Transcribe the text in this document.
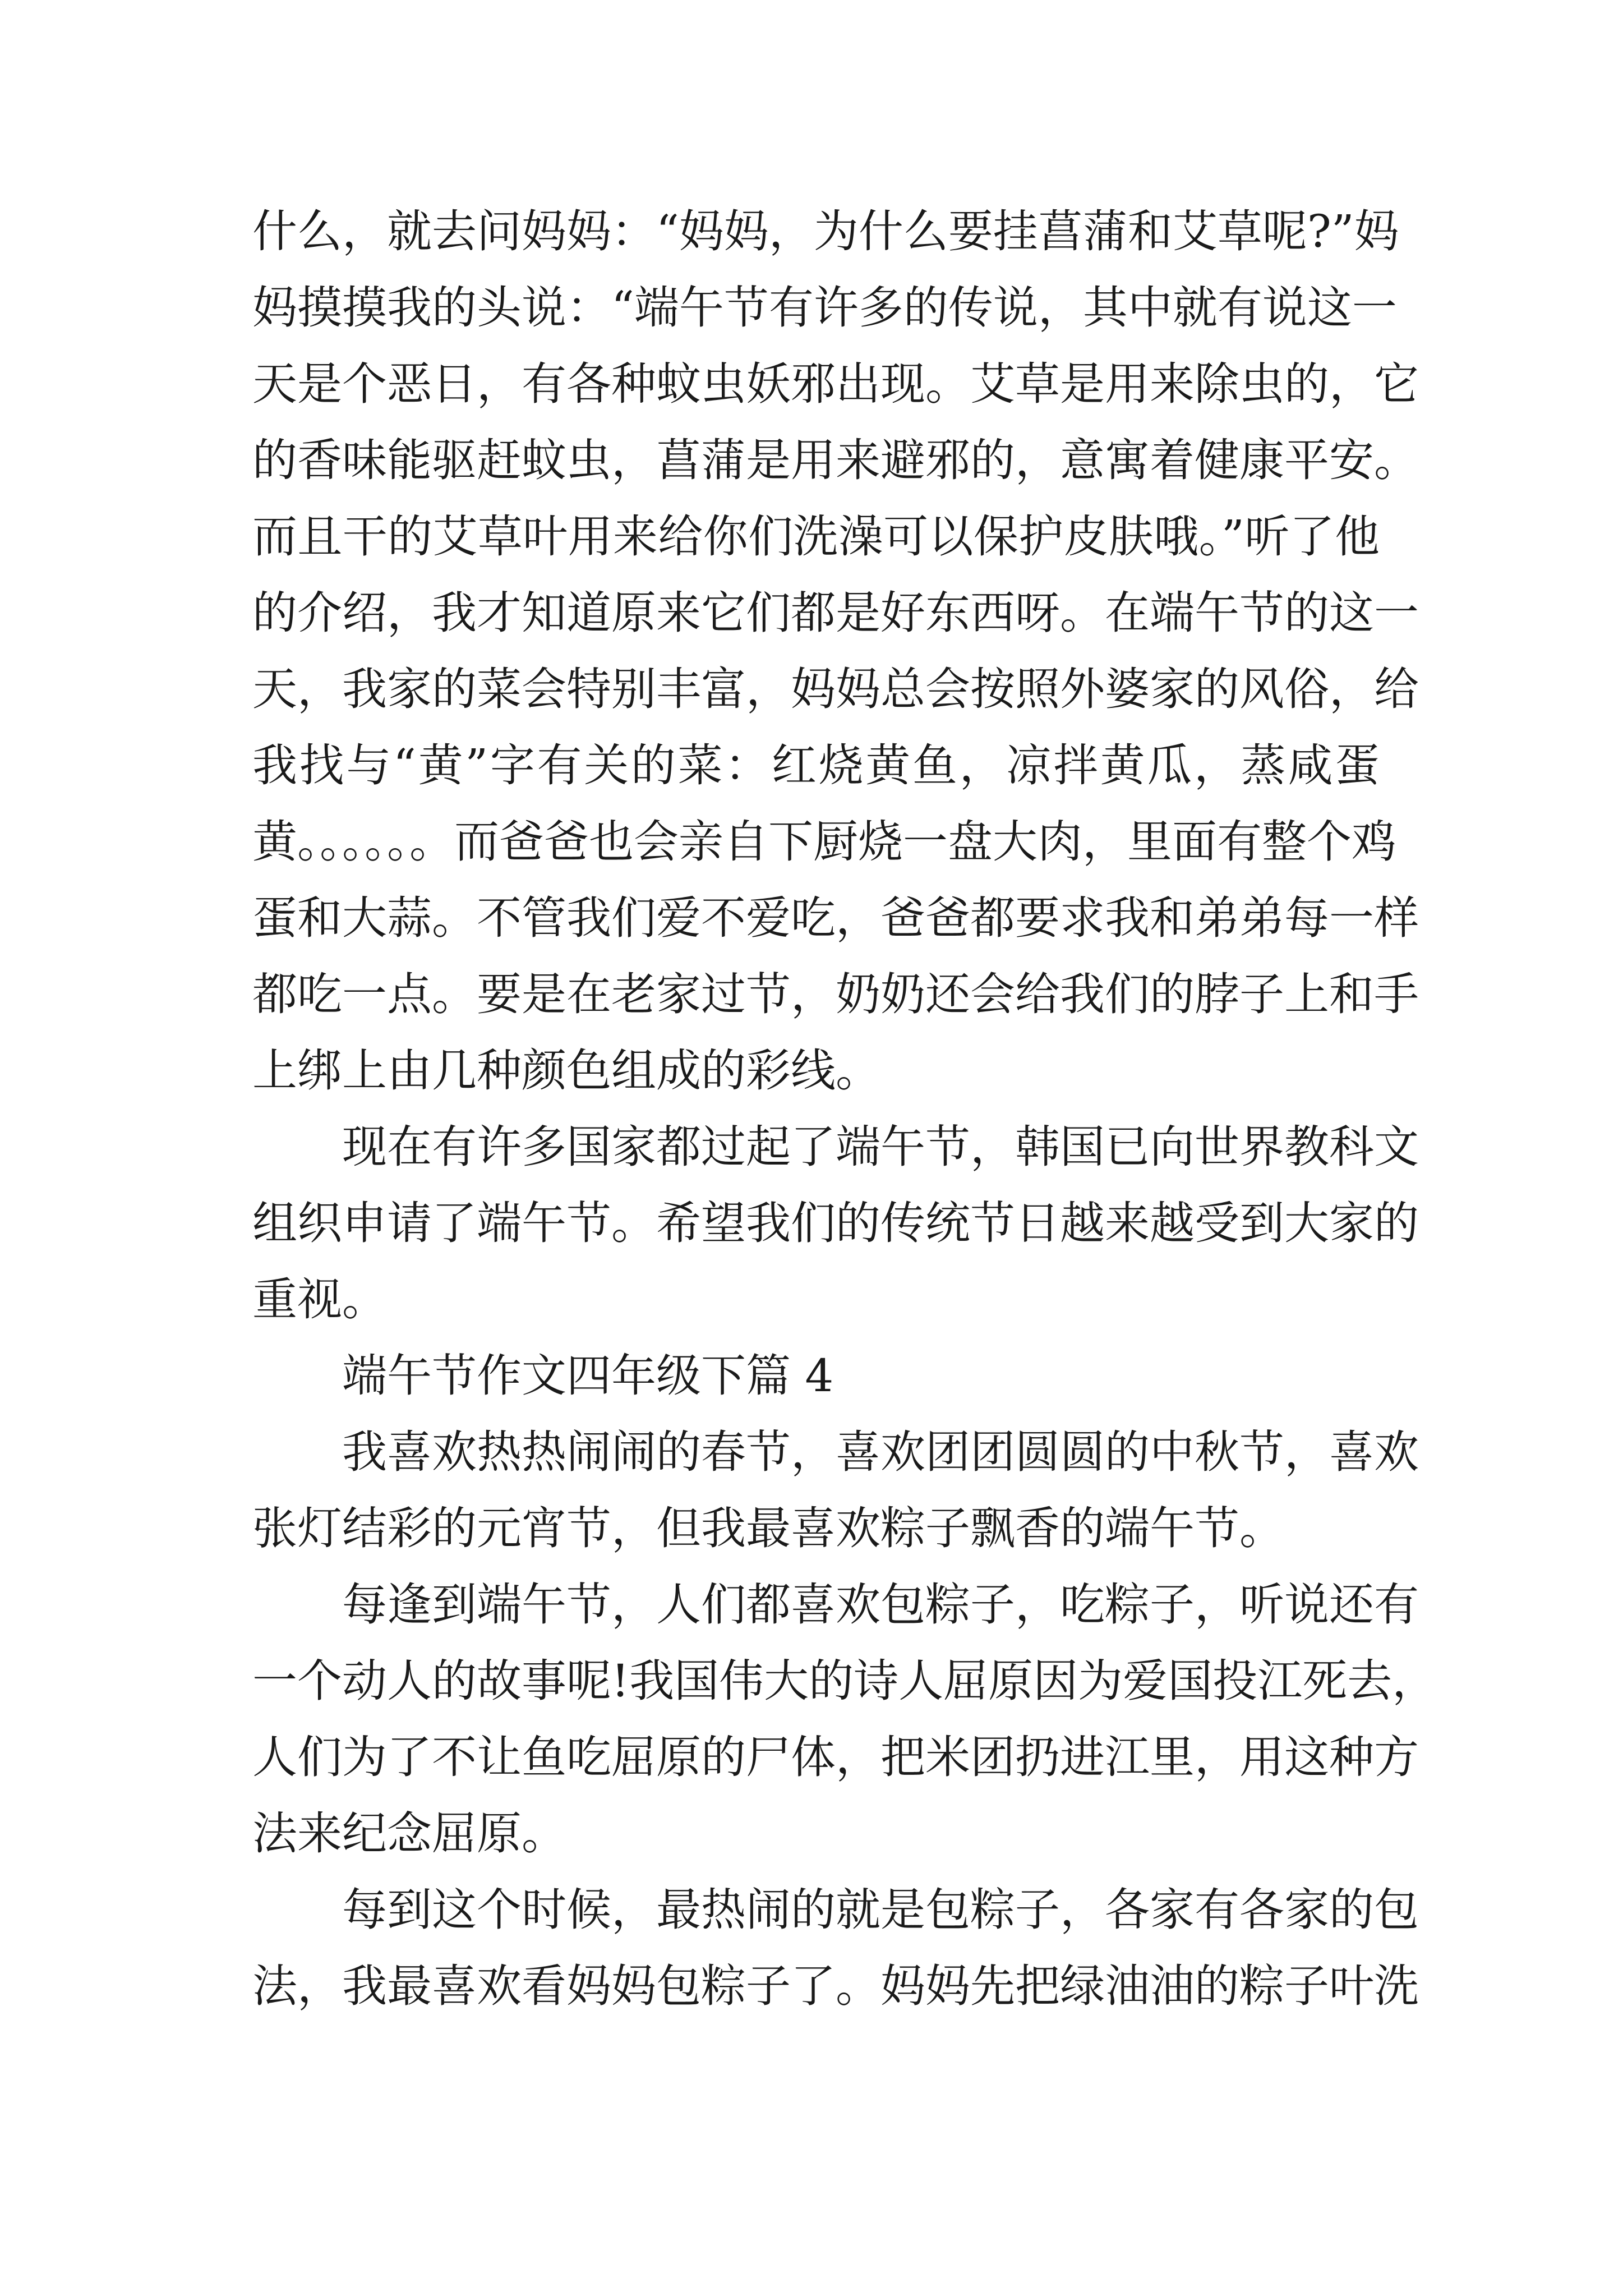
什么，就去问妈妈：“妈妈，为什么要挂菖蒲和艾草呢?”妈
妈摸摸我的头说：“端午节有许多的传说，其中就有说这一
天是个恶日，有各种蚊虫妖邪出现。艾草是用来除虫的，它
的香味能驱赶蚊虫，菖蒲是用来避邪的，意寓着健康平安。
而且干的艾草叶用来给你们洗澡可以保护皮肤哦。”听了他
的介绍，我才知道原来它们都是好东西呀。在端午节的这一
天，我家的菜会特别丰富，妈妈总会按照外婆家的风俗，给
我找与“黄”字有关的菜：红烧黄鱼，凉拌黄瓜，蒸咸蛋
黄。。。。。。而爸爸也会亲自下厨烧一盘大肉，里面有整个鸡
蛋和大蒜。不管我们爱不爱吃，爸爸都要求我和弟弟每一样
都吃一点。要是在老家过节，奶奶还会给我们的脖子上和手
上绑上由几种颜色组成的彩线。
现在有许多国家都过起了端午节，韩国已向世界教科文
组织申请了端午节。希望我们的传统节日越来越受到大家的
重视。
端午节作文四年级下篇 4
我喜欢热热闹闹的春节，喜欢团团圆圆的中秋节，喜欢
张灯结彩的元宵节，但我最喜欢粽子飘香的端午节。
每逢到端午节，人们都喜欢包粽子，吃粽子，听说还有
一个动人的故事呢!我国伟大的诗人屈原因为爱国投江死去，
人们为了不让鱼吃屈原的尸体，把米团扔进江里，用这种方
法来纪念屈原。
每到这个时候，最热闹的就是包粽子，各家有各家的包
法，我最喜欢看妈妈包粽子了。妈妈先把绿油油的粽子叶洗
